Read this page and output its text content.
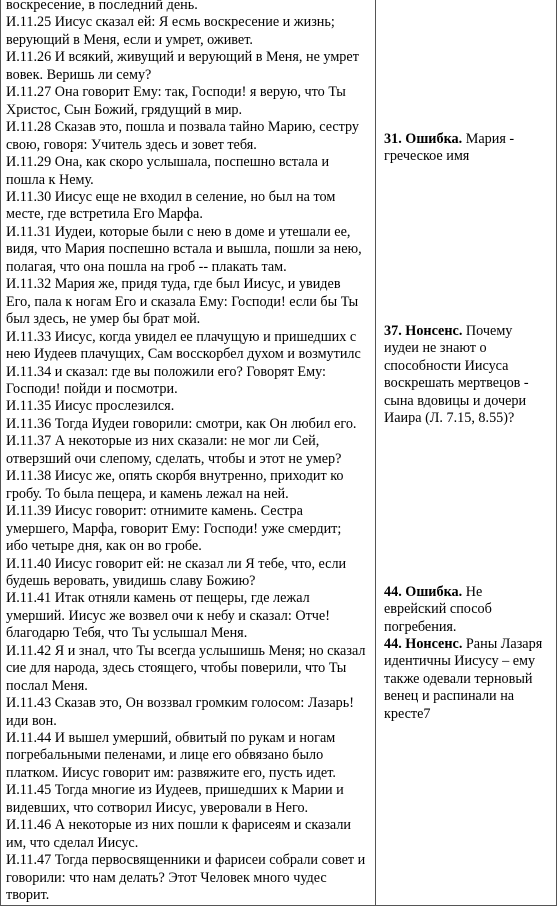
воскресение, в последний день.
И.11.25 Иисус сказал ей: Я есмь воскресение и жизнь;
верующий в Меня, если и умрет, оживет.
И.11.26 И всякий, живущий и верующий в Меня, не умрет
вовек. Веришь ли сему?
И.11.27 Она говорит Ему: так, Господи! я верую, что Ты
Христос, Сын Божий, грядущий в мир.
И.11.28 Сказав это, пошла и позвала тайно Марию, сестру
свою, говоря: Учитель здесь и зовет тебя.
И.11.29 Она, как скоро услышала, поспешно встала и
пошла к Нему.
И.11.30 Иисус еще не входил в селение, но был на том
месте, где встретила Его Марфа.
И.11.31 Иудеи, которые были с нею в доме и утешали ее,
видя, что Мария поспешно встала и вышла, пошли за нею,
полагая, что она пошла на гроб -- плакать там.
И.11.32 Мария же, придя туда, где был Иисус, и увидев
Его, пала к ногам Его и сказала Ему: Господи! если бы Ты
был здесь, не умер бы брат мой.
И.11.33 Иисус, когда увидел ее плачущую и пришедших с
нею Иудеев плачущих, Сам восскорбел духом и возмутилс
И.11.34 и сказал: где вы положили его? Говорят Ему:
Господи! пойди и посмотри.
И.11.35 Иисус прослезился.
И.11.36 Тогда Иудеи говорили: смотри, как Он любил его.
И.11.37 А некоторые из них сказали: не мог ли Сей,
отверзший очи слепому, сделать, чтобы и этот не умер?
И.11.38 Иисус же, опять скорбя внутренно, приходит ко
гробу. То была пещера, и камень лежал на ней.
И.11.39 Иисус говорит: отнимите камень. Сестра
умершего, Марфа, говорит Ему: Господи! уже смердит;
ибо четыре дня, как он во гробе.
И.11.40 Иисус говорит ей: не сказал ли Я тебе, что, если
будешь веровать, увидишь славу Божию?
И.11.41 Итак отняли камень от пещеры, где лежал
умерший. Иисус же возвел очи к небу и сказал: Отче!
благодарю Тебя, что Ты услышал Меня.
И.11.42 Я и знал, что Ты всегда услышишь Меня; но сказал
сие для народа, здесь стоящего, чтобы поверили, что Ты
послал Меня.
И.11.43 Сказав это, Он воззвал громким голосом: Лазарь!
иди вон.
И.11.44 И вышел умерший, обвитый по рукам и ногам
погребальными пеленами, и лице его обвязано было
платком. Иисус говорит им: развяжите его, пусть идет.
И.11.45 Тогда многие из Иудеев, пришедших к Марии и
видевших, что сотворил Иисус, уверовали в Него.
И.11.46 А некоторые из них пошли к фарисеям и сказали
им, что сделал Иисус.
И.11.47 Тогда первосвященники и фарисеи собрали совет и
говорили: что нам делать? Этот Человек много чудес
творит.

31. Ошибка. Мария -
греческое имя
37. Нонсенс. Почему
иудеи не знают о
способности Иисуса
воскрешать мертвецов -
сына вдовицы и дочери
Иаира (Л. 7.15, 8.55)?
44. Ошибка. Не
еврейский способ
погребения.
44. Нонсенс. Раны Лазаря
идентичны Иисусу – ему
также одевали терновый
венец и распинали на
кресте7
